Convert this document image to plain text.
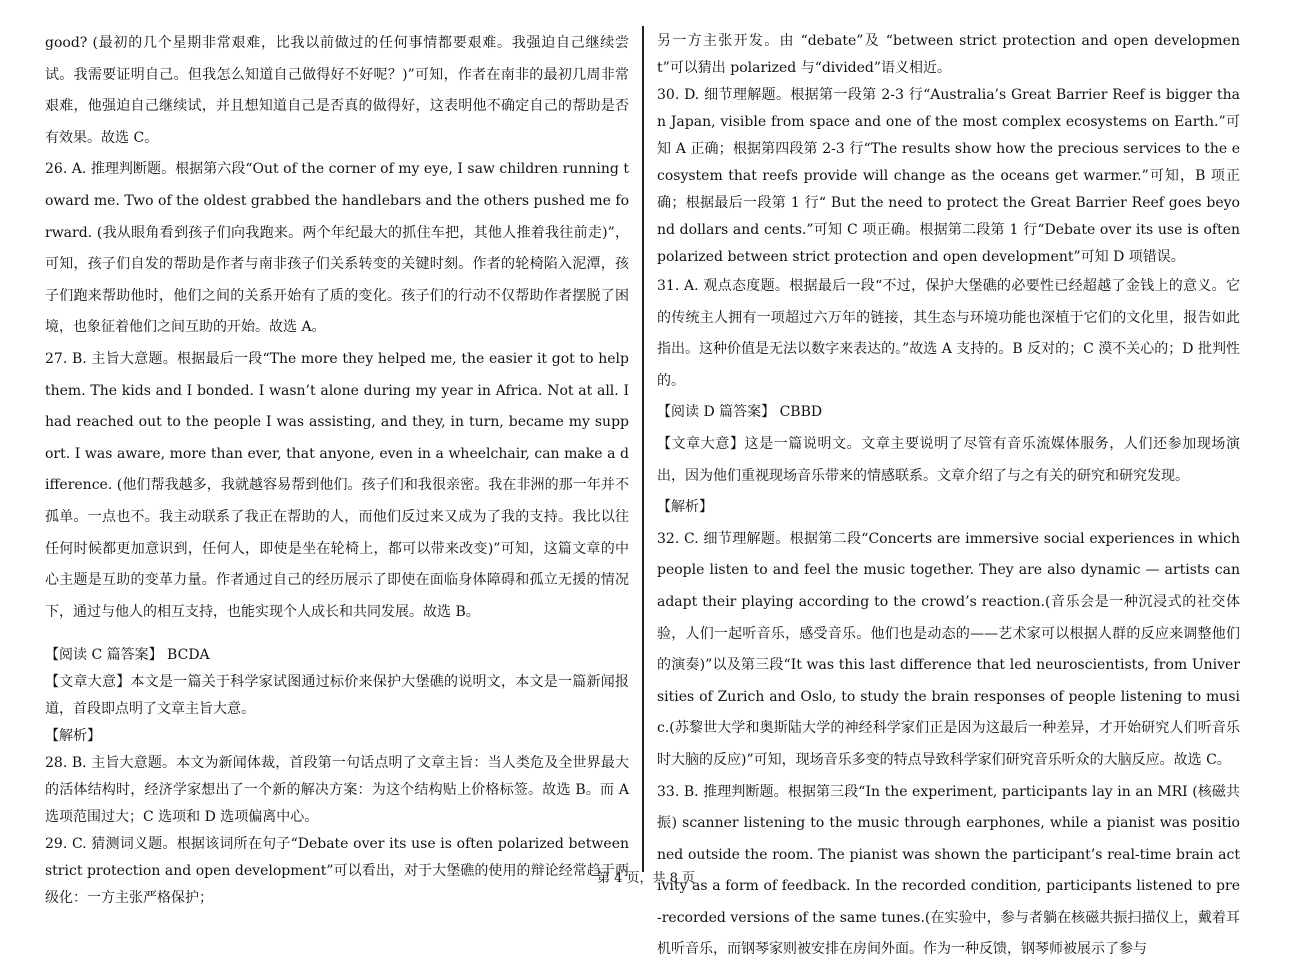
good? (最初的几个星期非常艰难，比我以前做过的任何事情都要艰难。我强迫自己继续尝试。我需要证明自己。但我怎么知道自己做得好不好呢？)”可知，作者在南非的最初几周非常艰难，他强迫自己继续试，并且想知道自己是否真的做得好，这表明他不确定自己的帮助是否有效果。故选 C。

26. A. 推理判断题。根据第六段“Out of the corner of my eye, I saw children running toward me. Two of the oldest grabbed the handlebars and the others pushed me forward. (我从眼角看到孩子们向我跑来。两个年纪最大的抓住车把，其他人推着我往前走)”，可知，孩子们自发的帮助是作者与南非孩子们关系转变的关键时刻。作者的轮椅陷入泥潭，孩子们跑来帮助他时，他们之间的关系开始有了质的变化。孩子们的行动不仅帮助作者摆脱了困境，也象征着他们之间互助的开始。故选 A。

27. B. 主旨大意题。根据最后一段“The more they helped me, the easier it got to help them. The kids and I bonded. I wasn’t alone during my year in Africa. Not at all. I had reached out to the people I was assisting, and they, in turn, became my support. I was aware, more than ever, that anyone, even in a wheelchair, can make a difference. (他们帮我越多，我就越容易帮到他们。孩子们和我很亲密。我在非洲的那一年并不孤单。一点也不。我主动联系了我正在帮助的人，而他们反过来又成为了我的支持。我比以往任何时候都更加意识到，任何人，即使是坐在轮椅上，都可以带来改变)”可知，这篇文章的中心主题是互助的变革力量。作者通过自己的经历展示了即使在面临身体障碍和孤立无援的情况下，通过与他人的相互支持，也能实现个人成长和共同发展。故选 B。

【阅读 C 篇答案】 BCDA

【文章大意】本文是一篇关于科学家试图通过标价来保护大堡礁的说明文，本文是一篇新闻报道，首段即点明了文章主旨大意。

【解析】

28. B. 主旨大意题。本文为新闻体裁，首段第一句话点明了文章主旨：当人类危及全世界最大的活体结构时，经济学家想出了一个新的解决方案：为这个结构贴上价格标签。故选 B。而 A 选项范围过大；C 选项和 D 选项偏离中心。

29. C. 猜测词义题。根据该词所在句子“Debate over its use is often polarized between strict protection and open development”可以看出，对于大堡礁的使用的辩论经常趋于两级化：一方主张严格保护；

另一方主张开发。由 “debate”及 “between strict protection and open development”可以猜出 polarized 与“divided”语义相近。

30. D. 细节理解题。根据第一段第 2-3 行“Australia’s Great Barrier Reef is bigger than Japan, visible from space and one of the most complex ecosystems on Earth.”可知 A 正确；根据第四段第 2-3 行“The results show how the precious services to the ecosystem that reefs provide will change as the oceans get warmer.”可知，B 项正确；根据最后一段第 1 行“ But the need to protect the Great Barrier Reef goes beyond dollars and cents.”可知 C 项正确。根据第二段第 1 行“Debate over its use is often polarized between strict protection and open development”可知 D 项错误。

31. A. 观点态度题。根据最后一段“不过，保护大堡礁的必要性已经超越了金钱上的意义。它的传统主人拥有一项超过六万年的链接，其生态与环境功能也深植于它们的文化里，报告如此指出。这种价值是无法以数字来表达的。”故选 A 支持的。B 反对的；C 漠不关心的；D 批判性的。

【阅读 D 篇答案】 CBBD

【文章大意】这是一篇说明文。文章主要说明了尽管有音乐流媒体服务，人们还参加现场演出，因为他们重视现场音乐带来的情感联系。文章介绍了与之有关的研究和研究发现。

【解析】

32. C. 细节理解题。根据第二段“Concerts are immersive social experiences in which people listen to and feel the music together. They are also dynamic — artists can adapt their playing according to the crowd’s reaction.(音乐会是一种沉浸式的社交体验，人们一起听音乐，感受音乐。他们也是动态的——艺术家可以根据人群的反应来调整他们的演奏)”以及第三段“It was this last difference that led neuroscientists, from Universities of Zurich and Oslo, to study the brain responses of people listening to music.(苏黎世大学和奥斯陆大学的神经科学家们正是因为这最后一种差异，才开始研究人们听音乐时大脑的反应)”可知，现场音乐多变的特点导致科学家们研究音乐听众的大脑反应。故选 C。

33. B. 推理判断题。根据第三段“In the experiment, participants lay in an MRI (核磁共振) scanner listening to the music through earphones, while a pianist was positioned outside the room. The pianist was shown the participant’s real-time brain activity as a form of feedback. In the recorded condition, participants listened to pre-recorded versions of the same tunes.(在实验中，参与者躺在核磁共振扫描仪上，戴着耳机听音乐，而钢琴家则被安排在房间外面。作为一种反馈，钢琴师被展示了参与

第 4 页，共 8 页
